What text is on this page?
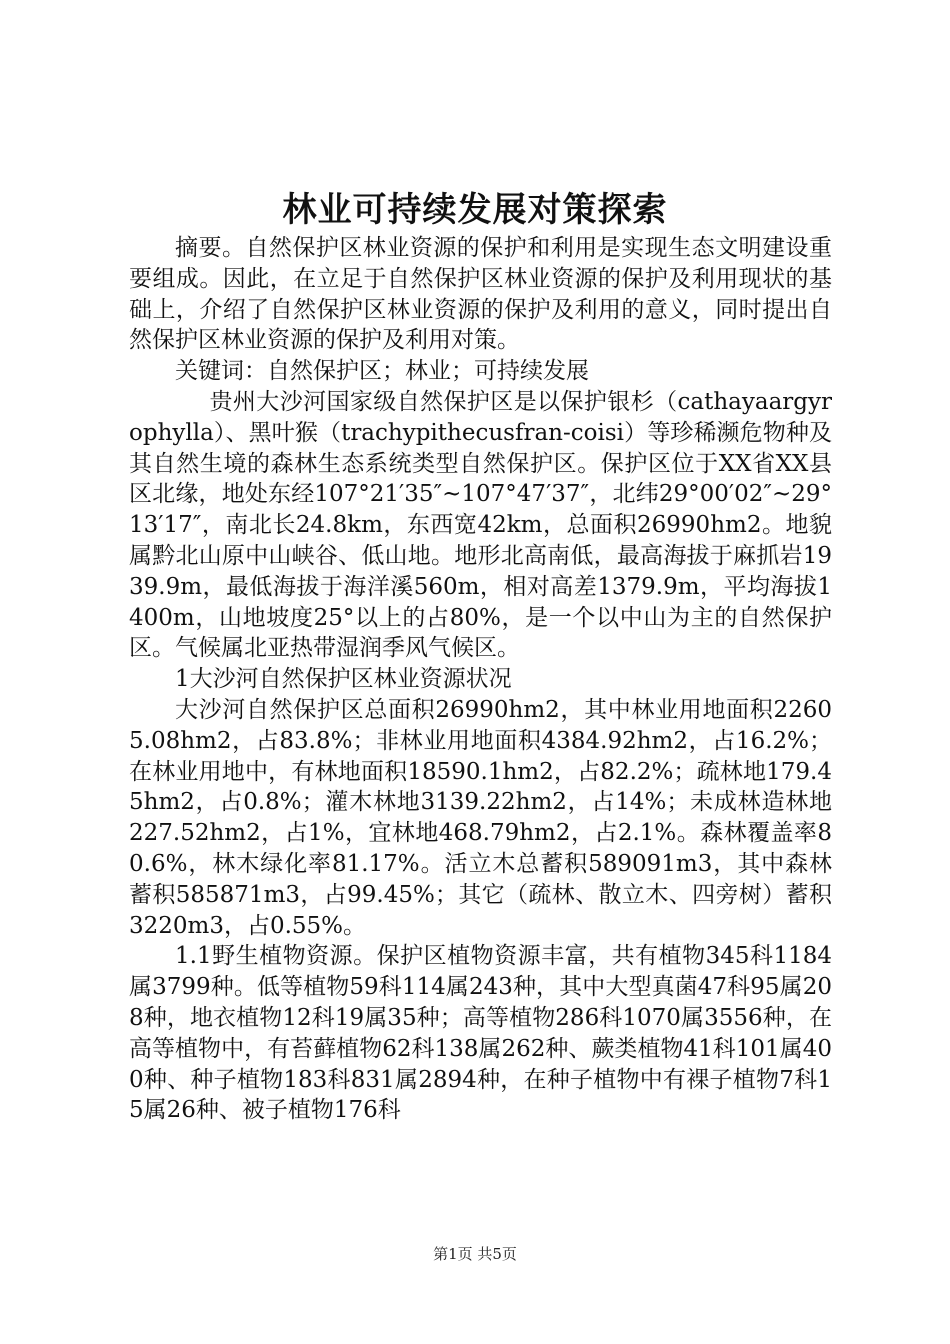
林业可持续发展对策探索

摘要。自然保护区林业资源的保护和利用是实现生态文明建设重要组成。因此，在立足于自然保护区林业资源的保护及利用现状的基础上，介绍了自然保护区林业资源的保护及利用的意义，同时提出自然保护区林业资源的保护及利用对策。

关键词：自然保护区；林业；可持续发展

贵州大沙河国家级自然保护区是以保护银杉（cathayaargyrophylla）、黑叶猴（trachypithecusfran-coisi）等珍稀濒危物种及其自然生境的森林生态系统类型自然保护区。保护区位于XX省XX县区北缘，地处东经107°21′35″~107°47′37″，北纬29°00′02″~29°13′17″，南北长24.8km，东西宽42km，总面积26990hm2。地貌属黔北山原中山峡谷、低山地。地形北高南低，最高海拔于麻抓岩1939.9m，最低海拔于海洋溪560m，相对高差1379.9m，平均海拔1400m，山地坡度25°以上的占80%，是一个以中山为主的自然保护区。气候属北亚热带湿润季风气候区。

1大沙河自然保护区林业资源状况

大沙河自然保护区总面积26990hm2，其中林业用地面积22605.08hm2，占83.8%；非林业用地面积4384.92hm2，占16.2%；在林业用地中，有林地面积18590.1hm2，占82.2%；疏林地179.45hm2，占0.8%；灌木林地3139.22hm2，占14%；未成林造林地227.52hm2，占1%，宜林地468.79hm2，占2.1%。森林覆盖率80.6%，林木绿化率81.17%。活立木总蓄积589091m3，其中森林蓄积585871m3，占99.45%；其它（疏林、散立木、四旁树）蓄积3220m3，占0.55%。

1.1野生植物资源。保护区植物资源丰富，共有植物345科1184属3799种。低等植物59科114属243种，其中大型真菌47科95属208种，地衣植物12科19属35种；高等植物286科1070属3556种，在高等植物中，有苔藓植物62科138属262种、蕨类植物41科101属400种、种子植物183科831属2894种，在种子植物中有裸子植物7科15属26种、被子植物176科

第1页 共5页
